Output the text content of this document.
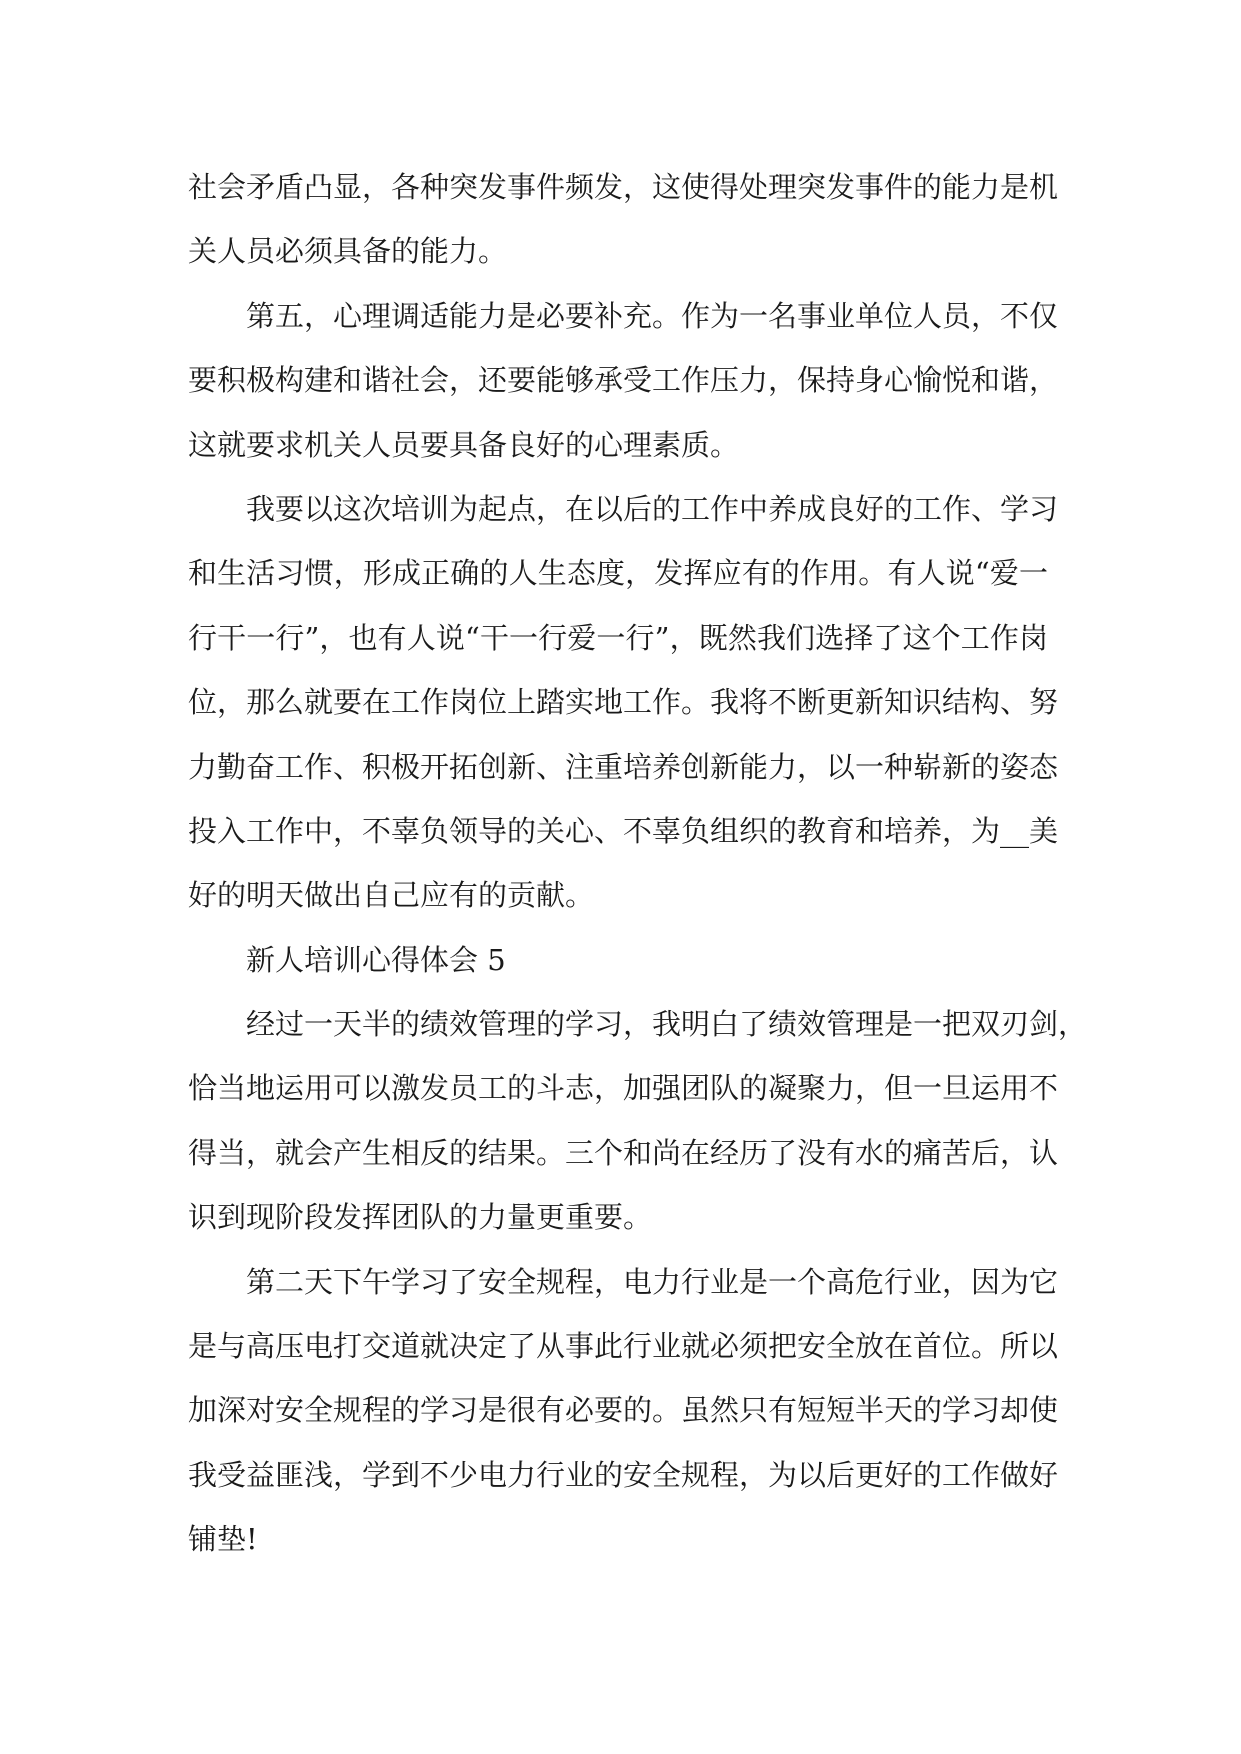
社会矛盾凸显，各种突发事件频发，这使得处理突发事件的能力是机
关人员必须具备的能力。
第五，心理调适能力是必要补充。作为一名事业单位人员，不仅
要积极构建和谐社会，还要能够承受工作压力，保持身心愉悦和谐，
这就要求机关人员要具备良好的心理素质。
我要以这次培训为起点，在以后的工作中养成良好的工作、学习
和生活习惯，形成正确的人生态度，发挥应有的作用。有人说“爱一
行干一行”，也有人说“干一行爱一行”，既然我们选择了这个工作岗
位，那么就要在工作岗位上踏实地工作。我将不断更新知识结构、努
力勤奋工作、积极开拓创新、注重培养创新能力，以一种崭新的姿态
投入工作中，不辜负领导的关心、不辜负组织的教育和培养，为__美
好的明天做出自己应有的贡献。
新人培训心得体会 5
经过一天半的绩效管理的学习，我明白了绩效管理是一把双刃剑，
恰当地运用可以激发员工的斗志，加强团队的凝聚力，但一旦运用不
得当，就会产生相反的结果。三个和尚在经历了没有水的痛苦后，认
识到现阶段发挥团队的力量更重要。
第二天下午学习了安全规程，电力行业是一个高危行业，因为它
是与高压电打交道就决定了从事此行业就必须把安全放在首位。所以
加深对安全规程的学习是很有必要的。虽然只有短短半天的学习却使
我受益匪浅，学到不少电力行业的安全规程，为以后更好的工作做好
铺垫!
